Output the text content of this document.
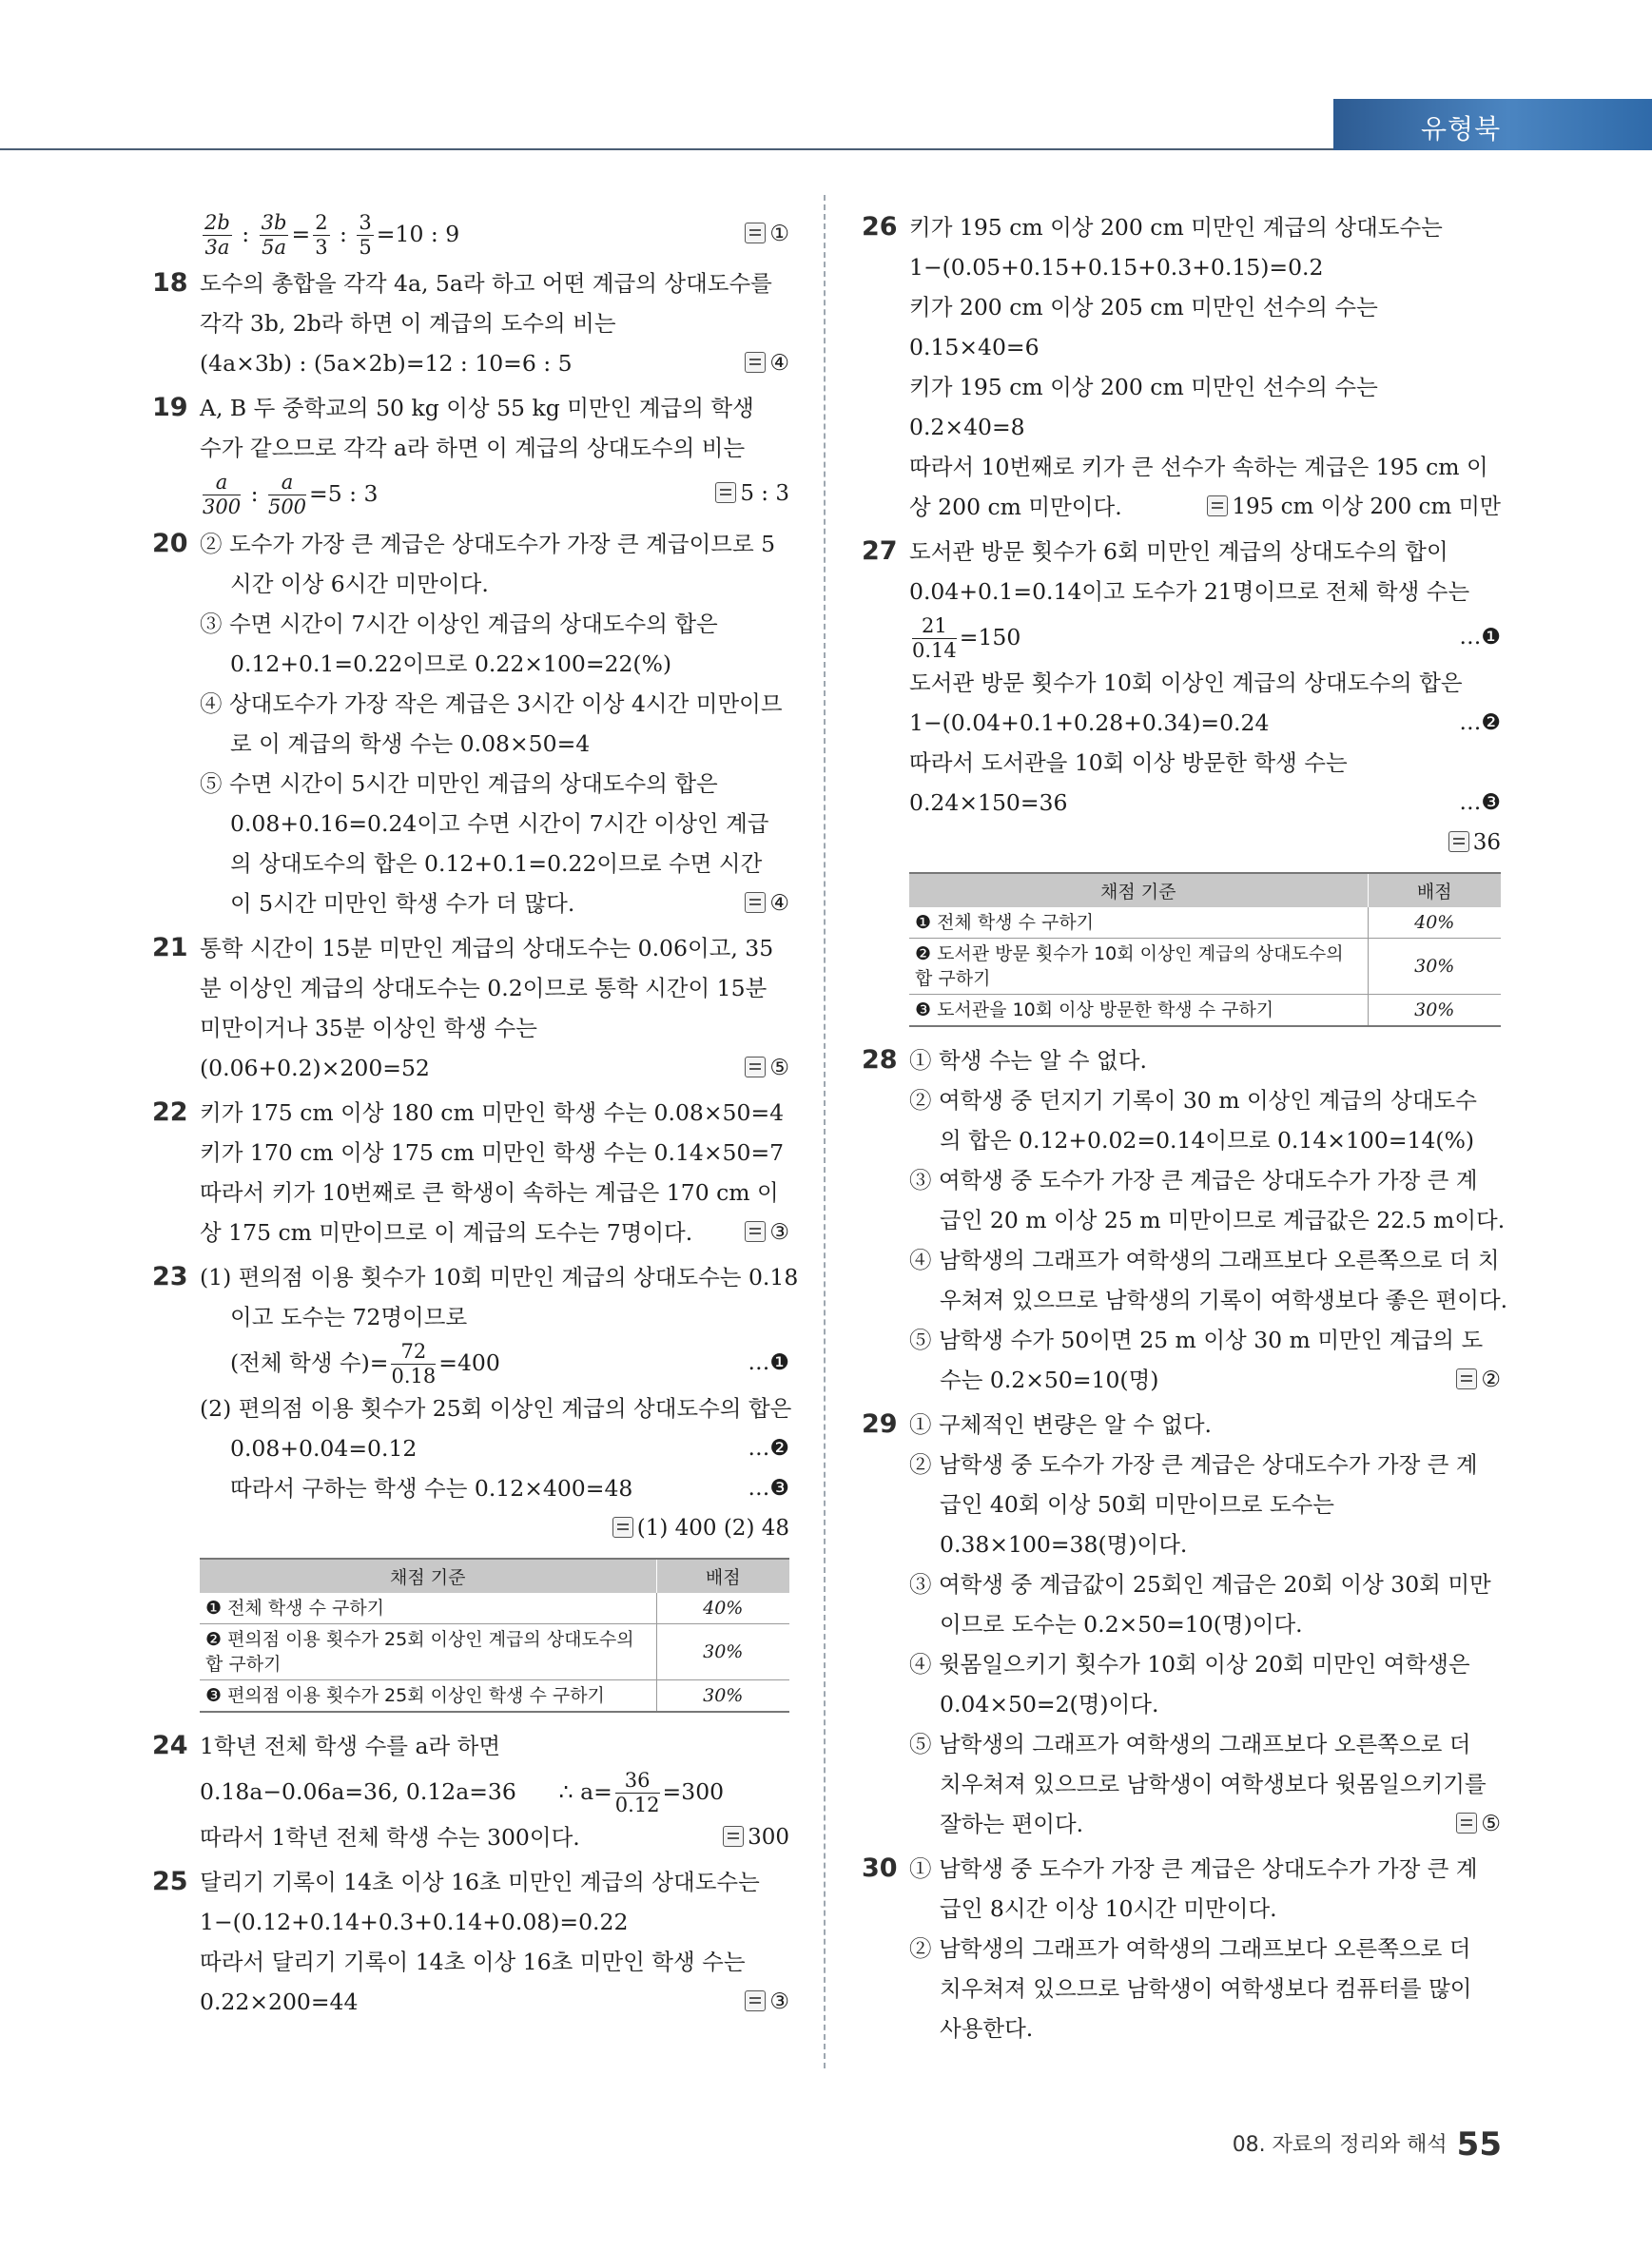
유형북
$\frac{2b}{3a}$ : $\frac{3b}{5a} = \frac{2}{3}$ : $\frac{3}{5} =10$ : 9	①
18 도수의 총합을 각각 4a, 5a라 하고 어떤 계급의 상대도수를
각각 3b, 2b라 하면 이 계급의 도수의 비는
(4a×3b) : (5a×2b)=12 : 10=6 : 5	④
19 A, B 두 중학교의 50 kg 이상 55 kg 미만인 계급의 학생
수가 같으므로 각각 a라 하면 이 계급의 상대도수의 비는
$\frac{a}{300}$ : $\frac{a}{500} =5$ : 3	5 : 3
20 ② 도수가 가장 큰 계급은 상대도수가 가장 큰 계급이므로 5
시간 이상 6시간 미만이다.
③ 수면 시간이 7시간 이상인 계급의 상대도수의 합은
0.12+0.1=0.22이므로 0.22×100=22(%)
④ 상대도수가 가장 작은 계급은 3시간 이상 4시간 미만이므
로 이 계급의 학생 수는 0.08×50=4
⑤ 수면 시간이 5시간 미만인 계급의 상대도수의 합은
0.08+0.16=0.24이고 수면 시간이 7시간 이상인 계급
의 상대도수의 합은 0.12+0.1=0.22이므로 수면 시간
이 5시간 미만인 학생 수가 더 많다.	④
21 통학 시간이 15분 미만인 계급의 상대도수는 0.06이고, 35
분 이상인 계급의 상대도수는 0.2이므로 통학 시간이 15분
미만이거나 35분 이상인 학생 수는
(0.06+0.2)×200=52	⑤
22 키가 175 cm 이상 180 cm 미만인 학생 수는 0.08×50=4
키가 170 cm 이상 175 cm 미만인 학생 수는 0.14×50=7
따라서 키가 10번째로 큰 학생이 속하는 계급은 170 cm 이
상 175 cm 미만이므로 이 계급의 도수는 7명이다.	③
23 (1) 편의점 이용 횟수가 10회 미만인 계급의 상대도수는 0.18
이고 도수는 72명이므로
(전체 학생 수)= $\frac{72}{0.18} =400$	…❶
(2) 편의점 이용 횟수가 25회 이상인 계급의 상대도수의 합은
0.08+0.04=0.12	…❷
따라서 구하는 학생 수는 0.12×400=48	…❸
(1) 400 (2) 48
채점 기준	배점
❶ 전체 학생 수 구하기	40%
❷ 편의점 이용 횟수가 25회 이상인 계급의 상대도수의 합 구하기	30%
❸ 편의점 이용 횟수가 25회 이상인 학생 수 구하기	30%
24 1학년 전체 학생 수를 a라 하면
0.18a−0.06a=36, 0.12a=36 ∴ $a= \frac{36}{0.12} =300$
따라서 1학년 전체 학생 수는 300이다.	300
25 달리기 기록이 14초 이상 16초 미만인 계급의 상대도수는
1−(0.12+0.14+0.3+0.14+0.08)=0.22
따라서 달리기 기록이 14초 이상 16초 미만인 학생 수는
0.22×200=44	③
26 키가 195 cm 이상 200 cm 미만인 계급의 상대도수는
1−(0.05+0.15+0.15+0.3+0.15)=0.2
키가 200 cm 이상 205 cm 미만인 선수의 수는
0.15×40=6
키가 195 cm 이상 200 cm 미만인 선수의 수는
0.2×40=8
따라서 10번째로 키가 큰 선수가 속하는 계급은 195 cm 이
상 200 cm 미만이다.	195 cm 이상 200 cm 미만
27 도서관 방문 횟수가 6회 미만인 계급의 상대도수의 합이
0.04+0.1=0.14이고 도수가 21명이므로 전체 학생 수는
$\frac{21}{0.14} =150$	…❶
도서관 방문 횟수가 10회 이상인 계급의 상대도수의 합은
1−(0.04+0.1+0.28+0.34)=0.24	…❷
따라서 도서관을 10회 이상 방문한 학생 수는
0.24×150=36	…❸
36
채점 기준	배점
❶ 전체 학생 수 구하기	40%
❷ 도서관 방문 횟수가 10회 이상인 계급의 상대도수의 합 구하기	30%
❸ 도서관을 10회 이상 방문한 학생 수 구하기	30%
28 ① 학생 수는 알 수 없다.
② 여학생 중 던지기 기록이 30 m 이상인 계급의 상대도수
의 합은 0.12+0.02=0.14이므로 0.14×100=14(%)
③ 여학생 중 도수가 가장 큰 계급은 상대도수가 가장 큰 계
급인 20 m 이상 25 m 미만이므로 계급값은 22.5 m이다.
④ 남학생의 그래프가 여학생의 그래프보다 오른쪽으로 더 치
우쳐져 있으므로 남학생의 기록이 여학생보다 좋은 편이다.
⑤ 남학생 수가 50이면 25 m 이상 30 m 미만인 계급의 도
수는 0.2×50=10(명)	②
29 ① 구체적인 변량은 알 수 없다.
② 남학생 중 도수가 가장 큰 계급은 상대도수가 가장 큰 계
급인 40회 이상 50회 미만이므로 도수는
0.38×100=38(명)이다.
③ 여학생 중 계급값이 25회인 계급은 20회 이상 30회 미만
이므로 도수는 0.2×50=10(명)이다.
④ 윗몸일으키기 횟수가 10회 이상 20회 미만인 여학생은
0.04×50=2(명)이다.
⑤ 남학생의 그래프가 여학생의 그래프보다 오른쪽으로 더
치우쳐져 있으므로 남학생이 여학생보다 윗몸일으키기를
잘하는 편이다.	⑤
30 ① 남학생 중 도수가 가장 큰 계급은 상대도수가 가장 큰 계
급인 8시간 이상 10시간 미만이다.
② 남학생의 그래프가 여학생의 그래프보다 오른쪽으로 더
치우쳐져 있으므로 남학생이 여학생보다 컴퓨터를 많이
사용한다.
08. 자료의 정리와 해석 55
